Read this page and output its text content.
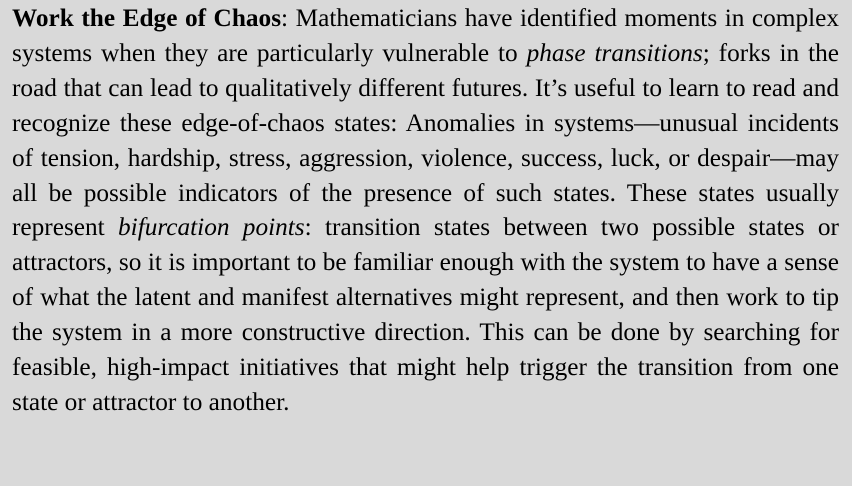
Work the Edge of Chaos: Mathematicians have identified moments in complex systems when they are particularly vulnerable to phase transitions; forks in the road that can lead to qualitatively different futures. It’s useful to learn to read and recognize these edge-of-chaos states: Anomalies in systems—unusual incidents of tension, hardship, stress, aggression, violence, success, luck, or despair—may all be possible indicators of the presence of such states. These states usually represent bifurcation points: transition states between two possible states or attractors, so it is important to be familiar enough with the system to have a sense of what the latent and manifest alternatives might represent, and then work to tip the system in a more constructive direction. This can be done by searching for feasible, high-impact initiatives that might help trigger the transition from one state or attractor to another.
